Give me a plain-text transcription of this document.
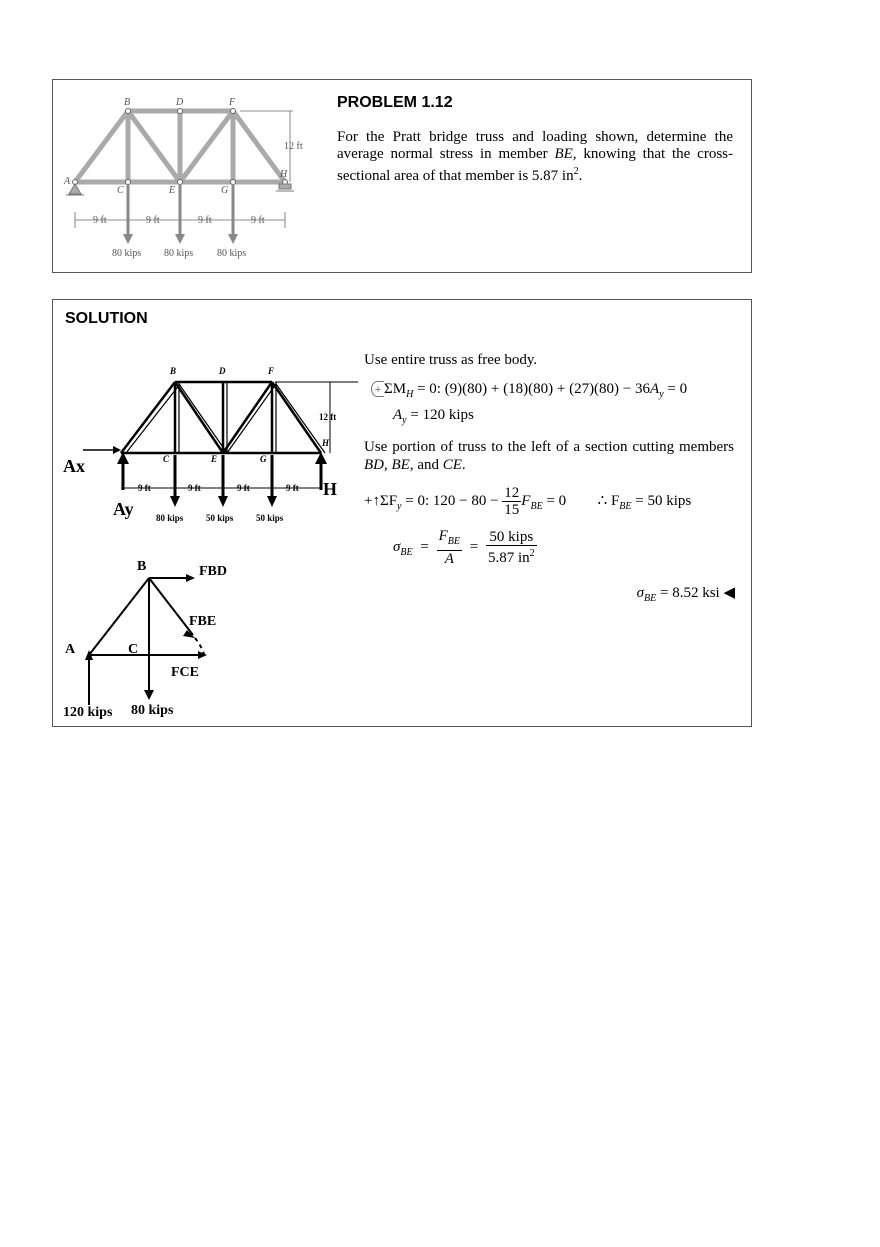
B	D	F
A
C	E	G
H
12 ft
9 ft	9 ft	9 ft	9 ft
80 kips 80 kips 80 kips
PROBLEM 1.12
For the Pratt bridge truss and loading shown, determine the average normal stress in member BE, knowing that the cross-sectional area of that member is 5.87 $in^2$.
SOLUTION
B	D	F
C	E	G
H
12 ft
9 ft	9 ft	9 ft	9 ft
80 kips	50 kips	50 kips
Ax
Ay
H
B	FBD
FBE
A	C
FCE
120 kips 80 kips
Use entire truss as free body.
+ $\Sigma M_H = 0$: $(9)(80) + (18)(80) + (27)(80) - 36A_y = 0$
$A_y = 120$ kips
Use portion of truss to the left of a section cutting members BD, BE, and CE.
$+↑\Sigma F_y = 0$: $120 - 80 - \frac{12}{15} F_{BE} = 0$ ∴ $F_{BE} = 50$ kips
$\sigma_{BE} = \frac{F_{BE}}{A} = \frac{\text{50 kips}}{5.87 in^2}$
$\sigma_{BE} = 8.52$ ksi ◀
